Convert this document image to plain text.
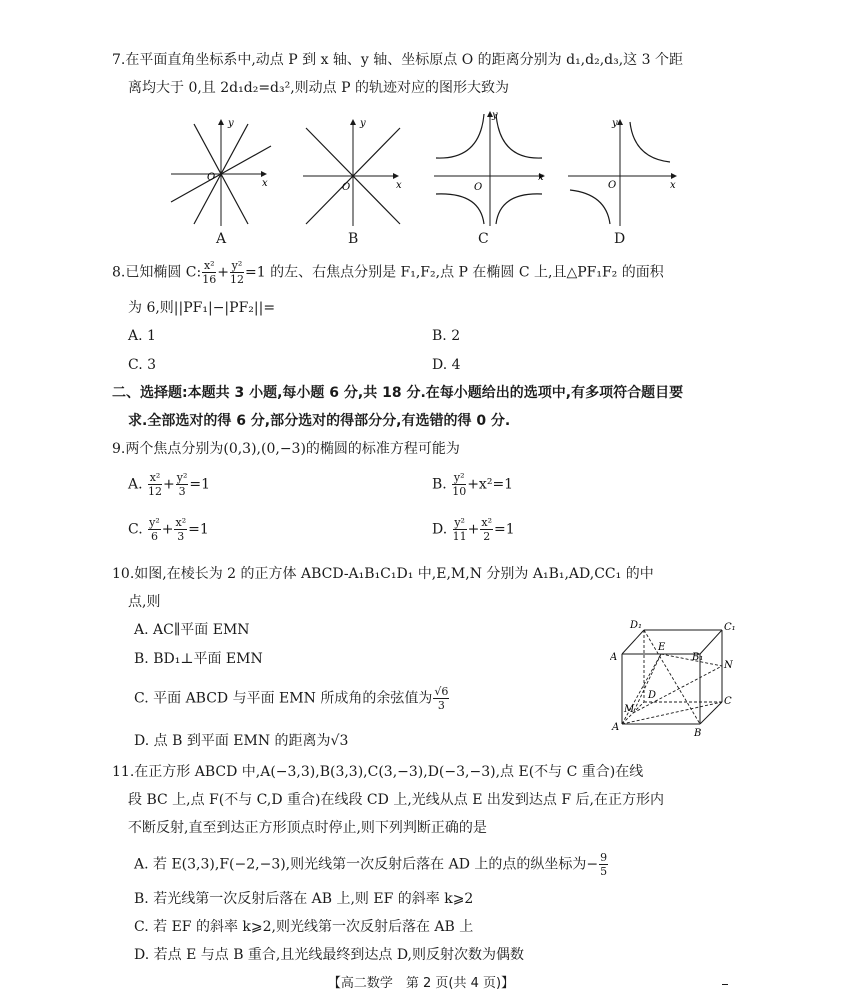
7.在平面直角坐标系中,动点 P 到 x 轴、y 轴、坐标原点 O 的距离分别为 d₁,d₂,d₃,这 3 个距
离均大于 0,且 2d₁d₂=d₃²,则动点 P 的轨迹对应的图形大致为
y
x
O
A
y
x
O
B
y
x
O
C
y
x
O
D
8.已知椭圆 C: $\frac{\text{x²}}{16} + \frac{\text{y²}}{12} =1$ 的左、右焦点分别是 F₁,F₂,点 P 在椭圆 C 上,且△PF₁F₂ 的面积
为 6,则||PF₁|−|PF₂||=
A. 1	B. 2
C. 3	D. 4
二、选择题:本题共 3 小题,每小题 6 分,共 18 分.在每小题给出的选项中,有多项符合题目要
求.全部选对的得 6 分,部分选对的得部分分,有选错的得 0 分.
9.两个焦点分别为(0,3),(0,−3)的椭圆的标准方程可能为
A. $\frac{\text{x²}}{12} + \frac{\text{y²}}{3} =1$	B. $\frac{\text{y²}}{10} +x^2=1$
C. $\frac{\text{y²}}{6} + \frac{\text{x²}}{3} =1$	D. $\frac{\text{y²}}{11} + \frac{\text{x²}}{2} =1$
10.如图,在棱长为 2 的正方体 ABCD-A₁B₁C₁D₁ 中,E,M,N 分别为 A₁B₁,AD,CC₁ 的中
点,则
A. AC∥平面 EMN
B. BD₁⊥平面 EMN
C. 平面 ABCD 与平面 EMN 所成角的余弦值为 $\frac{√6}{3}$
D. 点 B 到平面 EMN 的距离为√3
D₁	C₁
A
E
B₁
N
D
C
M
A
B
11.在正方形 ABCD 中,A(−3,3),B(3,3),C(3,−3),D(−3,−3),点 E(不与 C 重合)在线
段 BC 上,点 F(不与 C,D 重合)在线段 CD 上,光线从点 E 出发到达点 F 后,在正方形内
不断反射,直至到达正方形顶点时停止,则下列判断正确的是
A. 若 E(3,3),F(−2,−3),则光线第一次反射后落在 AD 上的点的纵坐标为− $\frac{9}{5}$
B. 若光线第一次反射后落在 AB 上,则 EF 的斜率 k⩾2
C. 若 EF 的斜率 k⩾2,则光线第一次反射后落在 AB 上
D. 若点 E 与点 B 重合,且光线最终到达点 D,则反射次数为偶数
【高二数学　第 2 页(共 4 页)】
